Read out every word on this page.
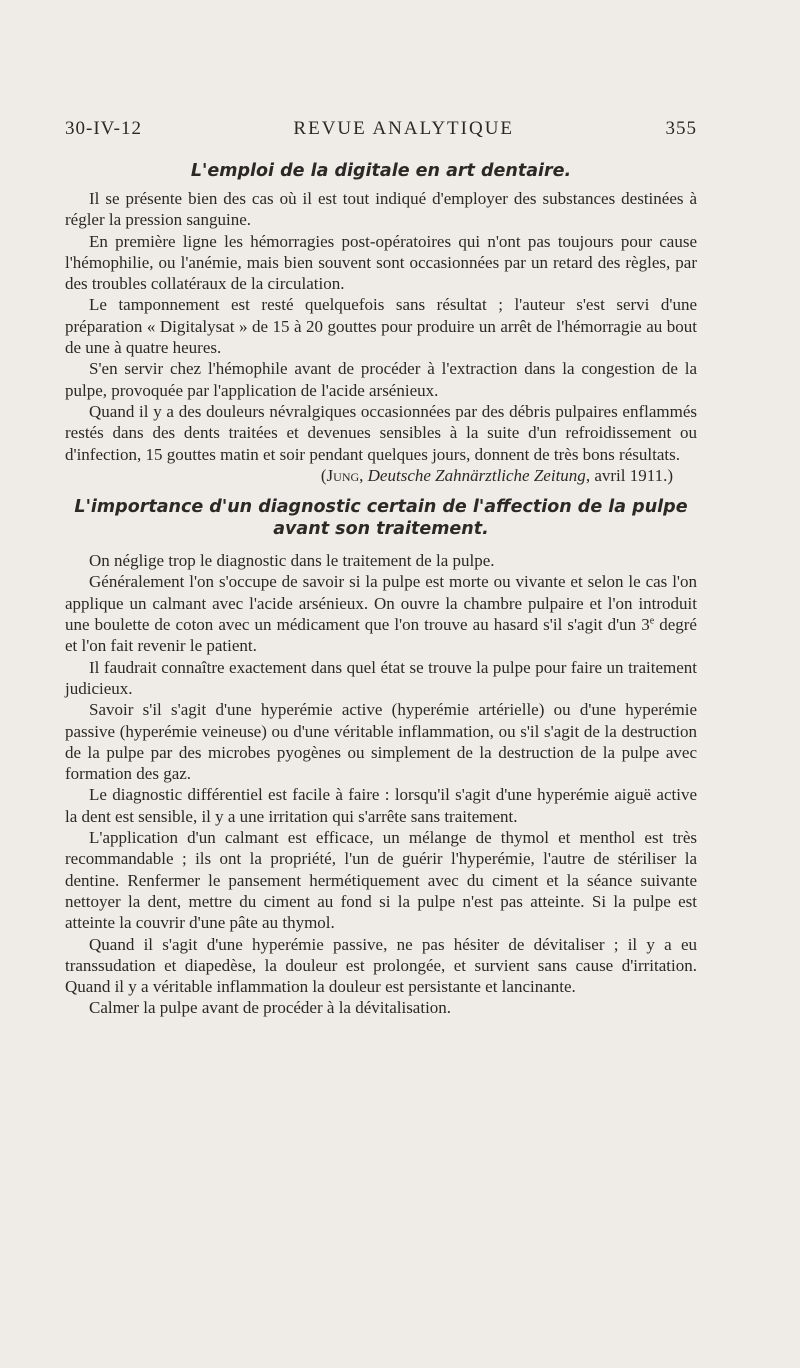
30-IV-12	REVUE ANALYTIQUE	355
L'emploi de la digitale en art dentaire.

Il se présente bien des cas où il est tout indiqué d'employer des substances destinées à régler la pression sanguine.

En première ligne les hémorragies post-opératoires qui n'ont pas toujours pour cause l'hémophilie, ou l'anémie, mais bien souvent sont occasionnées par un retard des règles, par des troubles collatéraux de la circulation.

Le tamponnement est resté quelquefois sans résultat ; l'auteur s'est servi d'une préparation « Digitalysat » de 15 à 20 gouttes pour produire un arrêt de l'hémorragie au bout de une à quatre heures.

S'en servir chez l'hémophile avant de procéder à l'extraction dans la congestion de la pulpe, provoquée par l'application de l'acide arsénieux.

Quand il y a des douleurs névralgiques occasionnées par des débris pulpaires enflammés restés dans des dents traitées et devenues sensibles à la suite d'un refroidissement ou d'infection, 15 gouttes matin et soir pendant quelques jours, donnent de très bons résultats.

(Jung, Deutsche Zahnärztliche Zeitung, avril 1911.)

L'importance d'un diagnostic certain de l'affection de la pulpe avant son traitement.

On néglige trop le diagnostic dans le traitement de la pulpe.

Généralement l'on s'occupe de savoir si la pulpe est morte ou vivante et selon le cas l'on applique un calmant avec l'acide arsénieux. On ouvre la chambre pulpaire et l'on introduit une boulette de coton avec un médicament que l'on trouve au hasard s'il s'agit d'un 3e degré et l'on fait revenir le patient.

Il faudrait connaître exactement dans quel état se trouve la pulpe pour faire un traitement judicieux.

Savoir s'il s'agit d'une hyperémie active (hyperémie artérielle) ou d'une hyperémie passive (hyperémie veineuse) ou d'une véritable inflammation, ou s'il s'agit de la destruction de la pulpe par des microbes pyogènes ou simplement de la destruction de la pulpe avec formation des gaz.

Le diagnostic différentiel est facile à faire : lorsqu'il s'agit d'une hyperémie aiguë active la dent est sensible, il y a une irritation qui s'arrête sans traitement.

L'application d'un calmant est efficace, un mélange de thymol et menthol est très recommandable ; ils ont la propriété, l'un de guérir l'hyperémie, l'autre de stériliser la dentine. Renfermer le pansement hermétiquement avec du ciment et la séance suivante nettoyer la dent, mettre du ciment au fond si la pulpe n'est pas atteinte. Si la pulpe est atteinte la couvrir d'une pâte au thymol.

Quand il s'agit d'une hyperémie passive, ne pas hésiter de dévitaliser ; il y a eu transsudation et diapedèse, la douleur est prolongée, et survient sans cause d'irritation. Quand il y a véritable inflammation la douleur est persistante et lancinante.

Calmer la pulpe avant de procéder à la dévitalisation.
